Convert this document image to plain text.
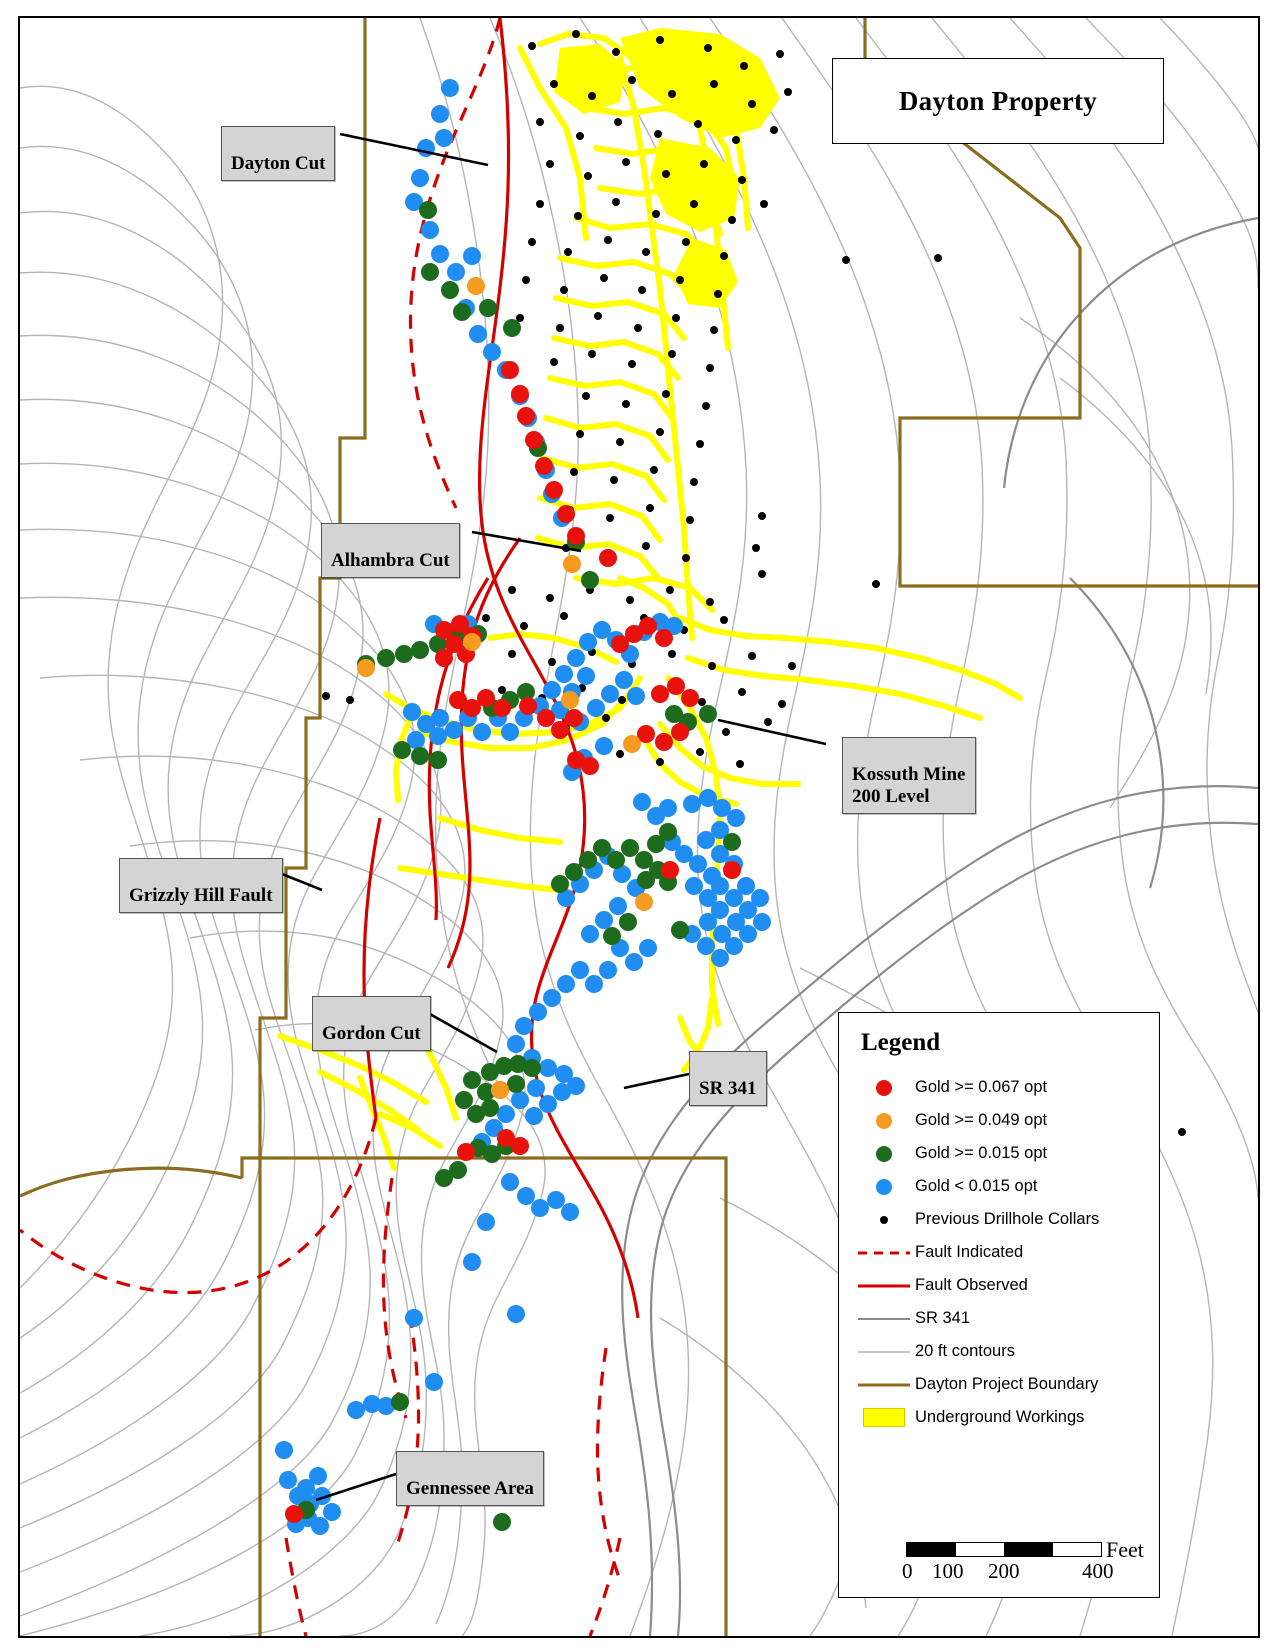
Dayton Property

Dayton Cut

Alhambra Cut

Kossuth Mine
200 Level

Grizzly Hill Fault

Gordon Cut

SR 341

Gennessee Area

Legend
Gold >= 0.067 opt
Gold >= 0.049 opt
Gold >= 0.015 opt
Gold < 0.015 opt
Previous Drillhole Collars
Fault Indicated
Fault Observed
SR 341
20 ft contours
Dayton Project Boundary
Underground Workings
Feet
0 100 200	400
